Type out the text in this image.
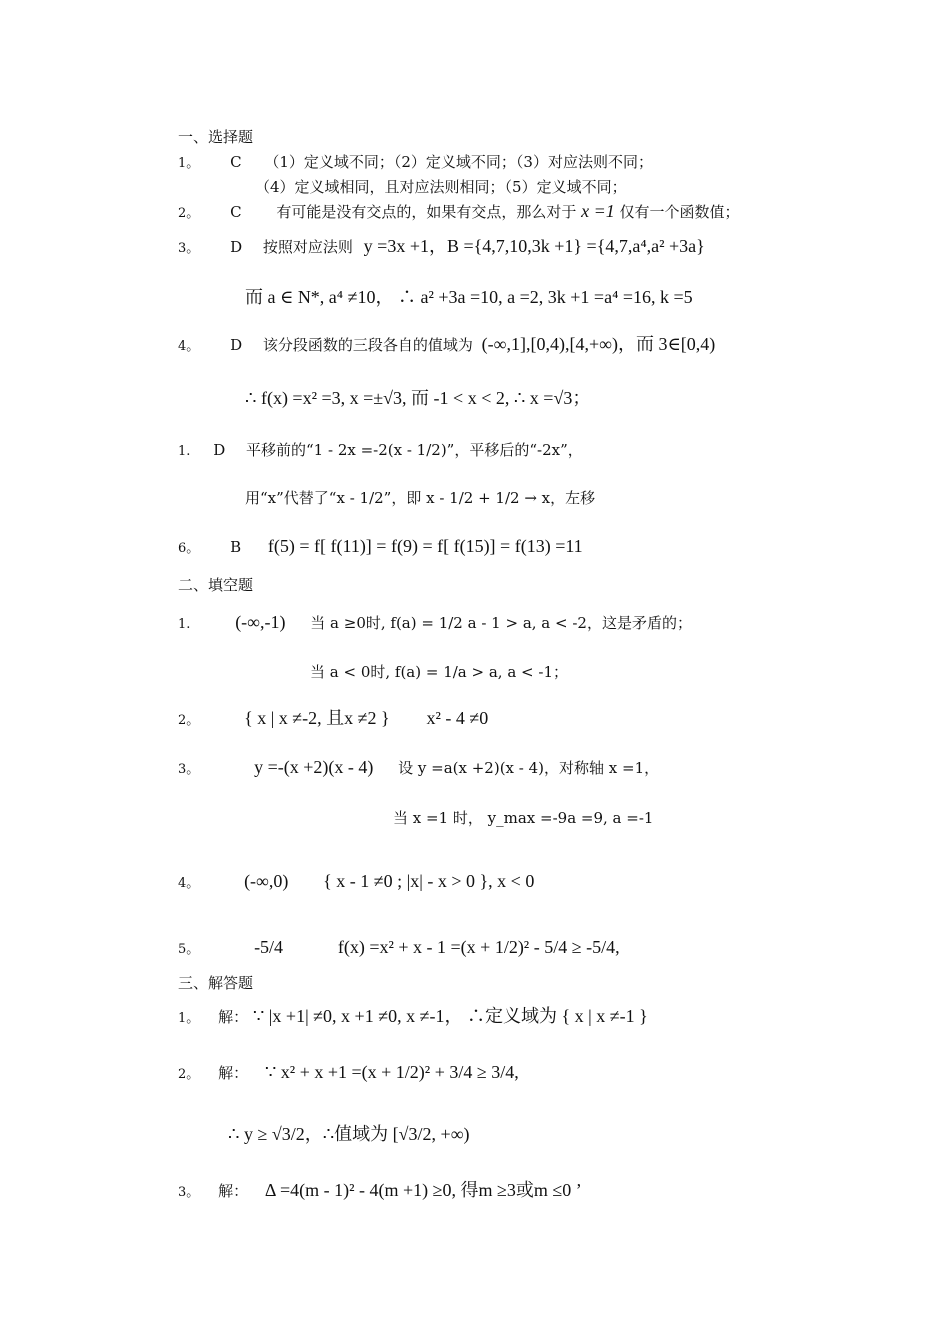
一、选择题
1。 C （1）定义域不同；（2）定义域不同；（3）对应法则不同；
（4）定义域相同，且对应法则相同；（5）定义域不同；
2。 C 有可能是没有交点的，如果有交点，那么对于 x =1 仅有一个函数值；
3。 D 按照对应法则 y =3x +1，B ={4,7,10,3k +1} ={4,7,a⁴,a² +3a}
而 a ∈ N*, a⁴ ≠10， ∴ a² +3a =10, a =2, 3k +1 =a⁴ =16, k =5
4。 D 该分段函数的三段各自的值域为 (-∞,1],[0,4),[4,+∞)，而 3∈[0,4)
∴ f(x) =x² =3, x =±√3, 而 -1 < x < 2, ∴ x =√3；
1. D 平移前的“1 - 2x =-2(x - 1/2)”，平移后的“-2x”，
用“x”代替了“x - 1/2”，即 x - 1/2 + 1/2 → x，左移
6。 B f(5) = f[ f(11)] = f(9) = f[ f(15)] = f(13) =11
二、填空题
1. (-∞,-1) 当 a ≥0时, f(a) = 1/2 a - 1 > a, a < -2，这是矛盾的；
当 a < 0时, f(a) = 1/a > a, a < -1；
2。 { x | x ≠-2, 且x ≠2 } x² - 4 ≠0
3。	y =-(x +2)(x - 4) 设 y =a(x +2)(x - 4)，对称轴 x =1，
当 x =1 时， y_max =-9a =9, a =-1
4。 (-∞,0) { x - 1 ≠0 ; |x| - x > 0 }, x < 0
5。	-5/4	f(x) =x² + x - 1 =(x + 1/2)² - 5/4 ≥ -5/4,
三、解答题
1。 解： ∵ |x +1| ≠0, x +1 ≠0, x ≠-1， ∴定义域为 { x | x ≠-1 }
2。 解： ∵ x² + x +1 =(x + 1/2)² + 3/4 ≥ 3/4,
∴ y ≥ √3/2，∴值域为 [√3/2, +∞)
3。 解： Δ =4(m - 1)² - 4(m +1) ≥0, 得m ≥3或m ≤0 ’
